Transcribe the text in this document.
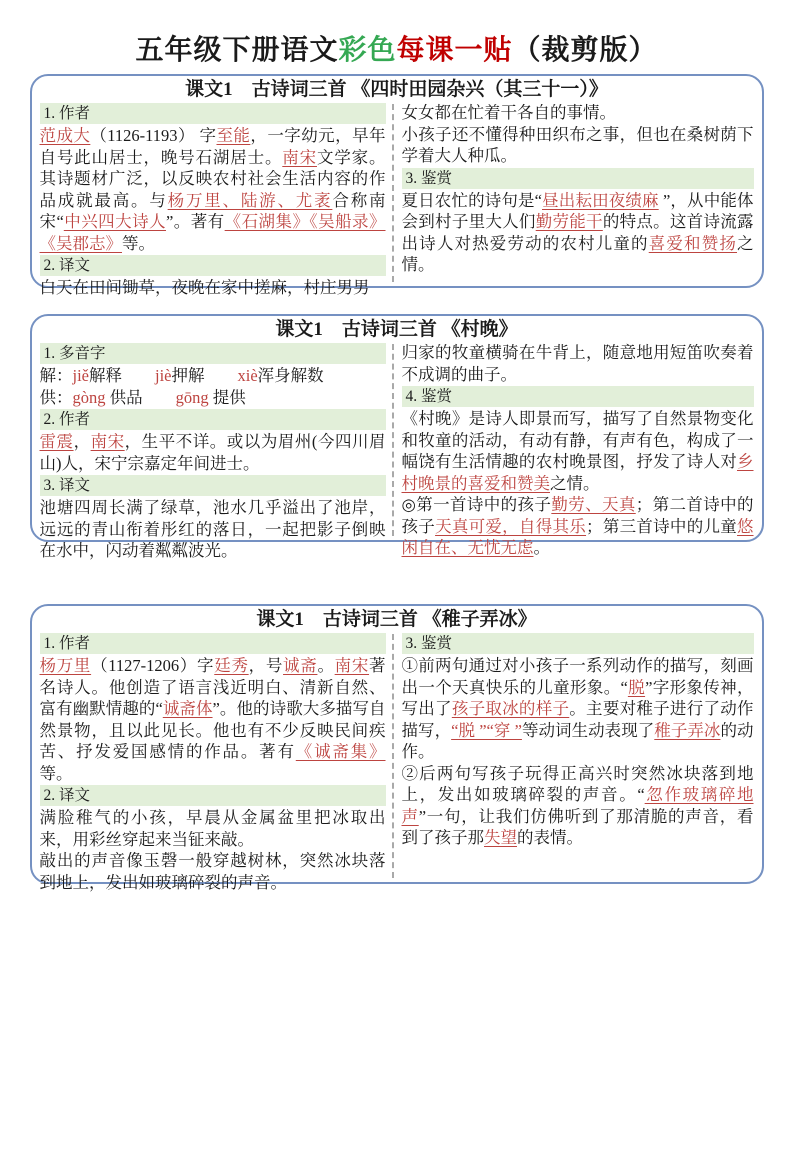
五年级下册语文彩色每课一贴（裁剪版）
课文1　古诗词三首 《四时田园杂兴（其三十一）》
1. 作者
范成大（1126-1193） 字至能，一字幼元，早年自号此山居士，晚号石湖居士。南宋文学家。其诗题材广泛，以反映农村社会生活内容的作品成就最高。与杨万里、陆游、尤袤合称南宋“中兴四大诗人”。著有《石湖集》《吴船录》《吴郡志》等。
2. 译文
白天在田间锄草，夜晚在家中搓麻，村庄男男
女女都在忙着干各自的事情。
小孩子还不懂得种田织布之事，但也在桑树荫下学着大人种瓜。
3. 鉴赏
夏日农忙的诗句是“昼出耘田夜绩麻 ”，从中能体会到村子里大人们勤劳能干的特点。这首诗流露出诗人对热爱劳动的农村儿童的喜爱和赞扬之情。
课文1　古诗词三首 《村晚》
1. 多音字
解：jiě解释　　jiè押解　　xiè浑身解数
供：gòng 供品　　gōng 提供
2. 作者
雷震，南宋，生平不详。或以为眉州(今四川眉山)人，宋宁宗嘉定年间进士。
3. 译文
池塘四周长满了绿草，池水几乎溢出了池岸，远远的青山衔着彤红的落日，一起把影子倒映在水中，闪动着粼粼波光。
归家的牧童横骑在牛背上，随意地用短笛吹奏着不成调的曲子。
4. 鉴赏
《村晚》是诗人即景而写，描写了自然景物变化和牧童的活动，有动有静，有声有色，构成了一幅饶有生活情趣的农村晚景图，抒发了诗人对乡村晚景的喜爱和赞美之情。
◎第一首诗中的孩子勤劳、天真；第二首诗中的孩子天真可爱，自得其乐；第三首诗中的儿童悠闲自在、无忧无虑。
课文1　古诗词三首 《稚子弄冰》
1. 作者
杨万里（1127-1206）字廷秀，号诚斋。南宋著名诗人。他创造了语言浅近明白、清新自然、富有幽默情趣的“诚斋体”。他的诗歌大多描写自然景物，且以此见长。他也有不少反映民间疾苦、抒发爱国感情的作品。著有《诚斋集》等。
2. 译文
满脸稚气的小孩，早晨从金属盆里把冰取出来，用彩丝穿起来当钲来敲。
敲出的声音像玉磬一般穿越树林，突然冰块落到地上，发出如玻璃碎裂的声音。
3. 鉴赏
①前两句通过对小孩子一系列动作的描写，刻画出一个天真快乐的儿童形象。“脱”字形象传神，写出了孩子取冰的样子。主要对稚子进行了动作描写，“脱 ”“穿 ”等动词生动表现了稚子弄冰的动作。
②后两句写孩子玩得正高兴时突然冰块落到地上，发出如玻璃碎裂的声音。“忽作玻璃碎地声”一句，让我们仿佛听到了那清脆的声音，看到了孩子那失望的表情。
